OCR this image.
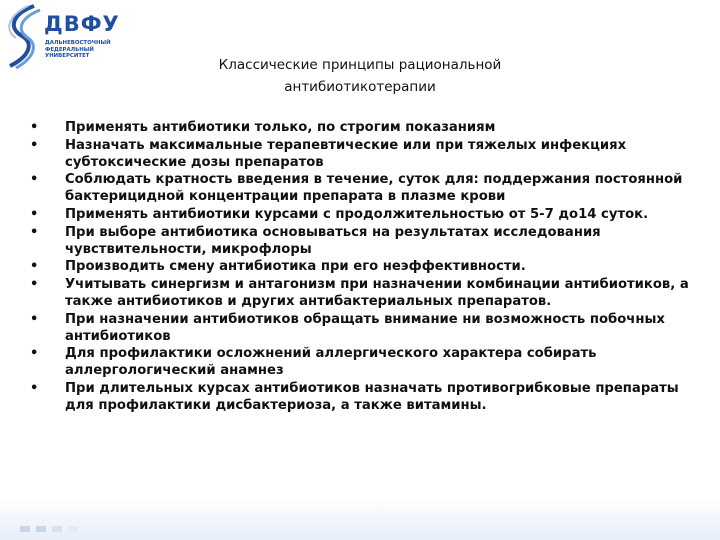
ДВФУ
ДАЛЬНЕВОСТОЧНЫЙ ФЕДЕРАЛЬНЫЙ УНИВЕРСИТЕТ
Классические принципы рациональной антибиотикотерапии
• Применять антибиотики только, по строгим показаниям
• Назначать максимальные терапевтические или при тяжелых инфекциях субтоксические дозы препаратов
• Соблюдать кратность введения в течение, суток для: поддержания постоянной бактерицидной концентрации препарата в плазме крови
• Применять антибиотики курсами с продолжительностью от 5-7 до14 суток.
• При выборе антибиотика основываться на результатах исследования чувствительности, микрофлоры
• Производить смену антибиотика при его неэффективности.
• Учитывать синергизм и антагонизм при назначении комбинации антибиотиков, а также антибиотиков и других антибактериальных препаратов.
• При назначении антибиотиков обращать внимание ни возможность побочных антибиотиков
• Для профилактики осложнений аллергического характера собирать аллергологический анамнез
• При длительных курсах антибиотиков назначать противогрибковые препараты для профилактики дисбактериоза, а также витамины.
